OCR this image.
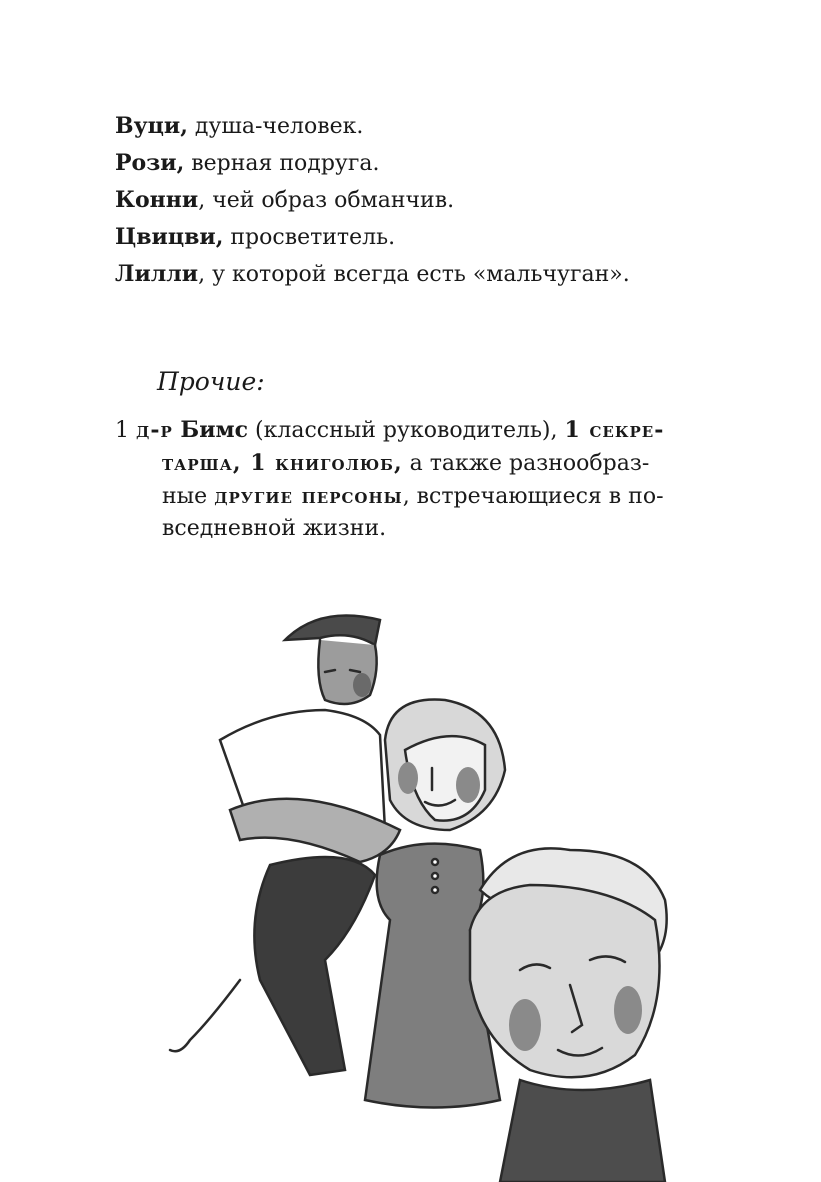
Вуци, душа-человек.
Рози, верная подруга.
Конни, чей образ обманчив.
Цвицви, просветитель.
Лилли, у которой всегда есть «мальчуган».
Прочие:
1 д-р Бимс (классный руководитель), 1 секре-
тарша, 1 книголюб, а также разнообраз-
ные другие персоны, встречающиеся в по-
вседневной жизни.
